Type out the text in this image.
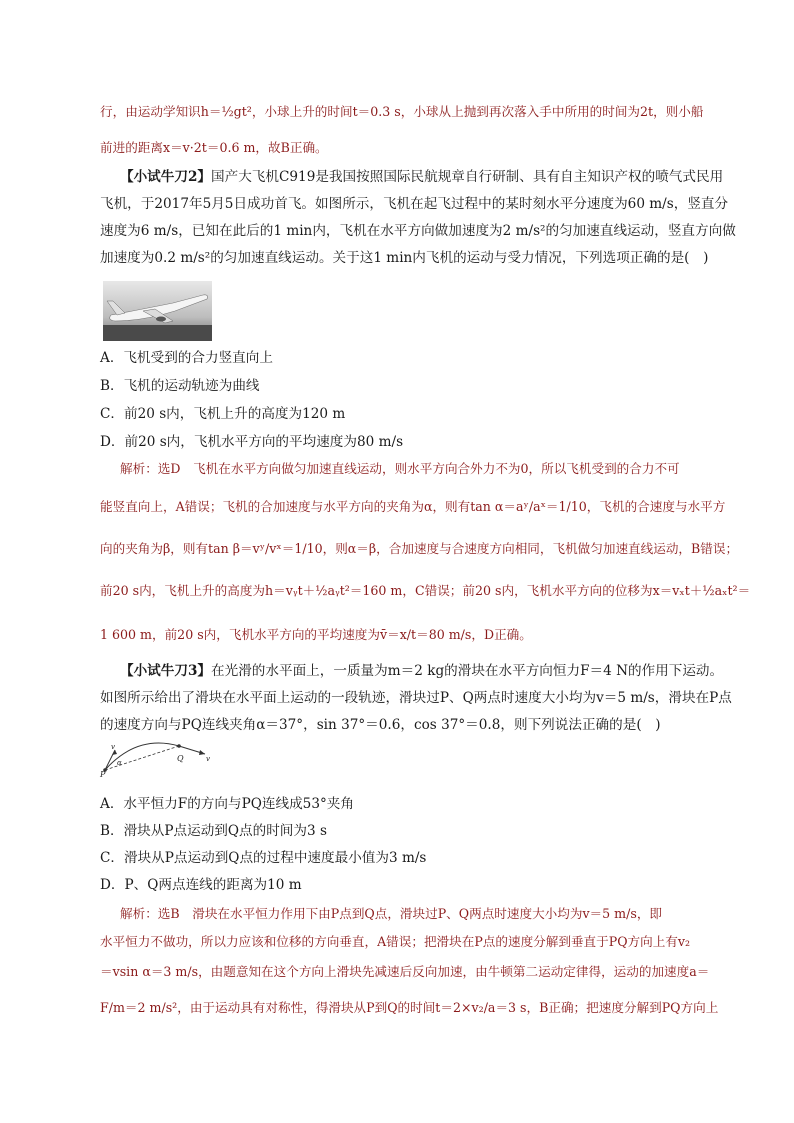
行，由运动学知识h＝½gt²，小球上升的时间t＝0.3 s，小球从上抛到再次落入手中所用的时间为2t，则小船
前进的距离x＝v·2t＝0.6 m，故B正确。
【小试牛刀2】国产大飞机C919是我国按照国际民航规章自行研制、具有自主知识产权的喷气式民用
飞机，于2017年5月5日成功首飞。如图所示，飞机在起飞过程中的某时刻水平分速度为60 m/s，竖直分
速度为6 m/s，已知在此后的1 min内，飞机在水平方向做加速度为2 m/s²的匀加速直线运动，竖直方向做
加速度为0.2 m/s²的匀加速直线运动。关于这1 min内飞机的运动与受力情况，下列选项正确的是(　)
A．飞机受到的合力竖直向上
B．飞机的运动轨迹为曲线
C．前20 s内，飞机上升的高度为120 m
D．前20 s内，飞机水平方向的平均速度为80 m/s
解析：选D　飞机在水平方向做匀加速直线运动，则水平方向合外力不为0，所以飞机受到的合力不可
能竖直向上，A错误；飞机的合加速度与水平方向的夹角为α，则有tan α＝aʸ/aˣ＝1/10，飞机的合速度与水平方
向的夹角为β，则有tan β＝vʸ/vˣ＝1/10，则α＝β，合加速度与合速度方向相同，飞机做匀加速直线运动，B错误；
前20 s内，飞机上升的高度为h＝vᵧt＋½aᵧt²＝160 m，C错误；前20 s内，飞机水平方向的位移为x＝vₓt＋½aₓt²＝
1 600 m，前20 s内，飞机水平方向的平均速度为v̄＝x/t＝80 m/s，D正确。
【小试牛刀3】在光滑的水平面上，一质量为m＝2 kg的滑块在水平方向恒力F＝4 N的作用下运动。
如图所示给出了滑块在水平面上运动的一段轨迹，滑块过P、Q两点时速度大小均为v＝5 m/s，滑块在P点
的速度方向与PQ连线夹角α＝37°，sin 37°＝0.6，cos 37°＝0.8，则下列说法正确的是(　)
P
Q
v
v
α
A．水平恒力F的方向与PQ连线成53°夹角
B．滑块从P点运动到Q点的时间为3 s
C．滑块从P点运动到Q点的过程中速度最小值为3 m/s
D．P、Q两点连线的距离为10 m
解析：选B　滑块在水平恒力作用下由P点到Q点，滑块过P、Q两点时速度大小均为v＝5 m/s，即
水平恒力不做功，所以力应该和位移的方向垂直，A错误；把滑块在P点的速度分解到垂直于PQ方向上有v₂
＝vsin α＝3 m/s，由题意知在这个方向上滑块先减速后反向加速，由牛顿第二运动定律得，运动的加速度a＝
F/m＝2 m/s²，由于运动具有对称性，得滑块从P到Q的时间t＝2×v₂/a＝3 s，B正确；把速度分解到PQ方向上
